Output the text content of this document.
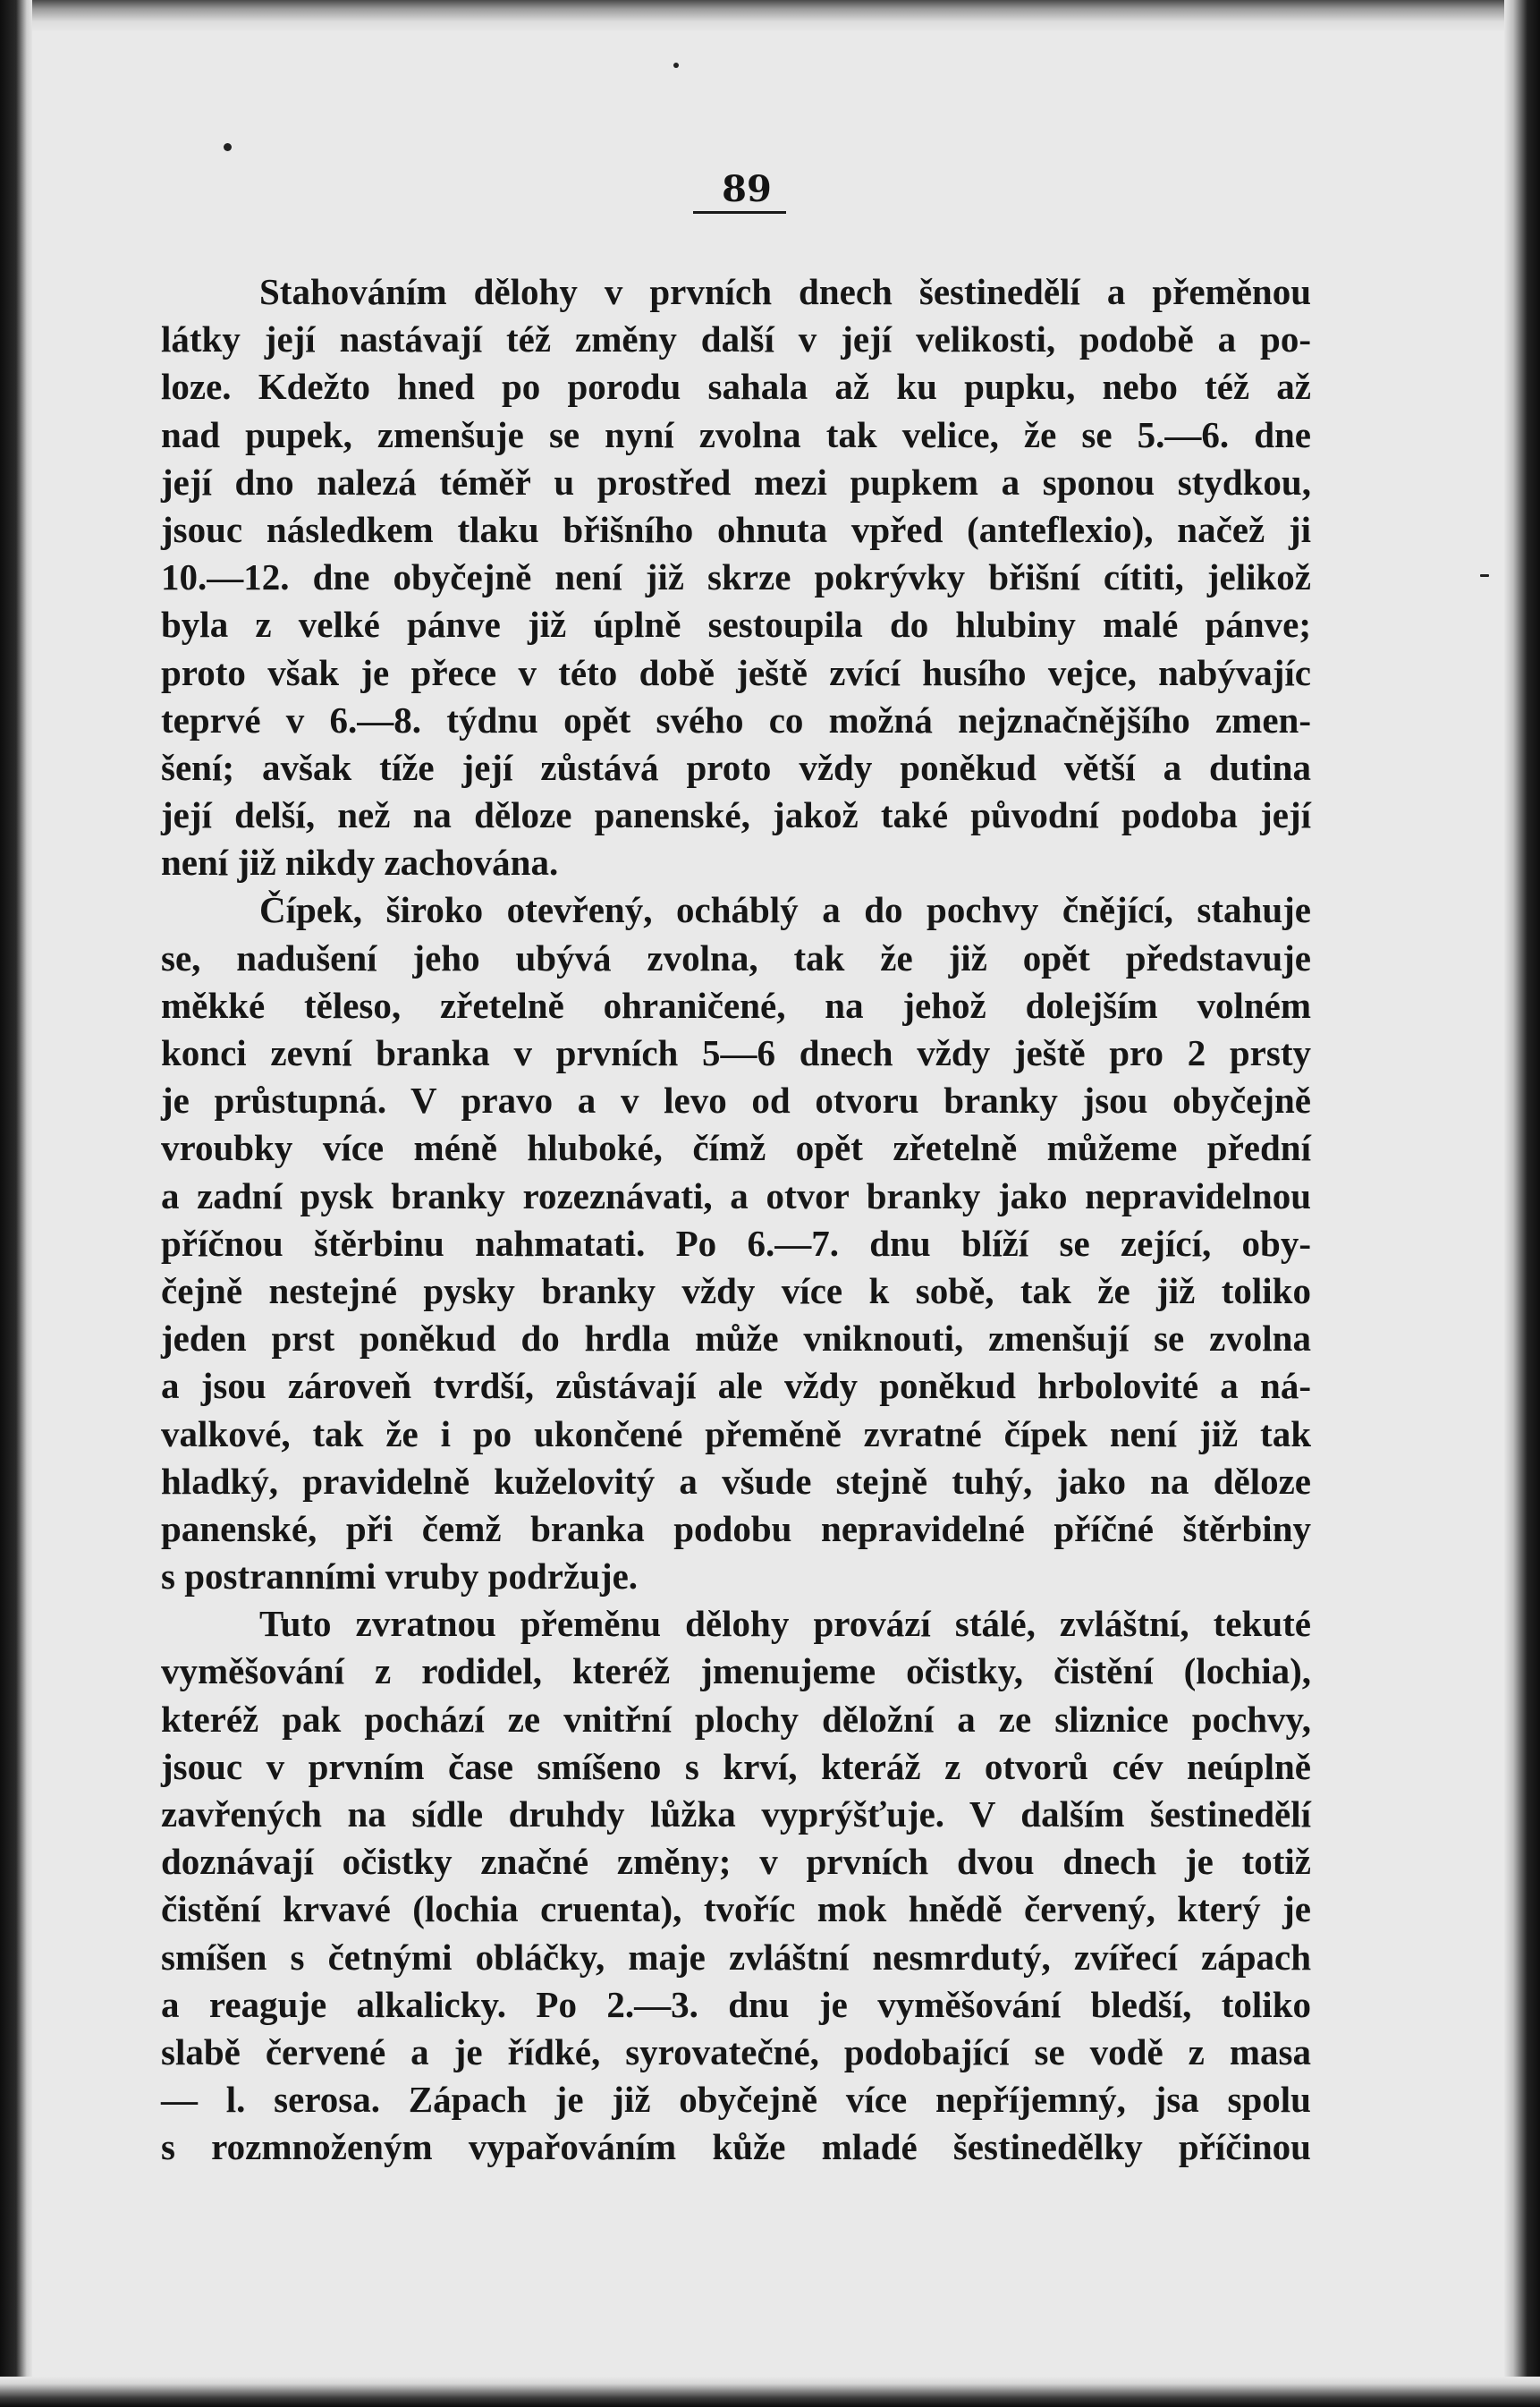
89
Stahováním dělohy v prvních dnech šestinedělí a přeměnou
látky její nastávají též změny další v její velikosti, podobě a po-
loze. Kdežto hned po porodu sahala až ku pupku, nebo též až
nad pupek, zmenšuje se nyní zvolna tak velice, že se 5.—6. dne
její dno nalezá téměř u prostřed mezi pupkem a sponou stydkou,
jsouc následkem tlaku břišního ohnuta vpřed (anteflexio), načež ji
10.—12. dne obyčejně není již skrze pokrývky břišní cítiti, jelikož
byla z velké pánve již úplně sestoupila do hlubiny malé pánve;
proto však je přece v této době ještě zvící husího vejce, nabývajíc
teprvé v 6.—8. týdnu opět svého co možná nejznačnějšího zmen-
šení; avšak tíže její zůstává proto vždy poněkud větší a dutina
její delší, než na děloze panenské, jakož také původní podoba její
není již nikdy zachována.
Čípek, široko otevřený, ocháblý a do pochvy čnějící, stahuje
se, nadušení jeho ubývá zvolna, tak že již opět představuje
měkké těleso, zřetelně ohraničené, na jehož dolejším volném
konci zevní branka v prvních 5—6 dnech vždy ještě pro 2 prsty
je průstupná. V pravo a v levo od otvoru branky jsou obyčejně
vroubky více méně hluboké, čímž opět zřetelně můžeme přední
a zadní pysk branky rozeznávati, a otvor branky jako nepravidelnou
příčnou štěrbinu nahmatati. Po 6.—7. dnu blíží se zející, oby-
čejně nestejné pysky branky vždy více k sobě, tak že již toliko
jeden prst poněkud do hrdla může vniknouti, zmenšují se zvolna
a jsou zároveň tvrdší, zůstávají ale vždy poněkud hrbolovité a ná-
valkové, tak že i po ukončené přeměně zvratné čípek není již tak
hladký, pravidelně kuželovitý a všude stejně tuhý, jako na děloze
panenské, při čemž branka podobu nepravidelné příčné štěrbiny
s postranními vruby podržuje.
Tuto zvratnou přeměnu dělohy provází stálé, zvláštní, tekuté
vyměšování z rodidel, kteréž jmenujeme očistky, čistění (lochia),
kteréž pak pochází ze vnitřní plochy děložní a ze sliznice pochvy,
jsouc v prvním čase smíšeno s krví, kteráž z otvorů cév neúplně
zavřených na sídle druhdy lůžka vyprýšťuje. V dalším šestinedělí
doznávají očistky značné změny; v prvních dvou dnech je totiž
čistění krvavé (lochia cruenta), tvoříc mok hnědě červený, který je
smíšen s četnými obláčky, maje zvláštní nesmrdutý, zvířecí zápach
a reaguje alkalicky. Po 2.—3. dnu je vyměšování bledší, toliko
slabě červené a je řídké, syrovatečné, podobající se vodě z masa
— l. serosa. Zápach je již obyčejně více nepříjemný, jsa spolu
s rozmnoženým vypařováním kůže mladé šestinedělky příčinou
